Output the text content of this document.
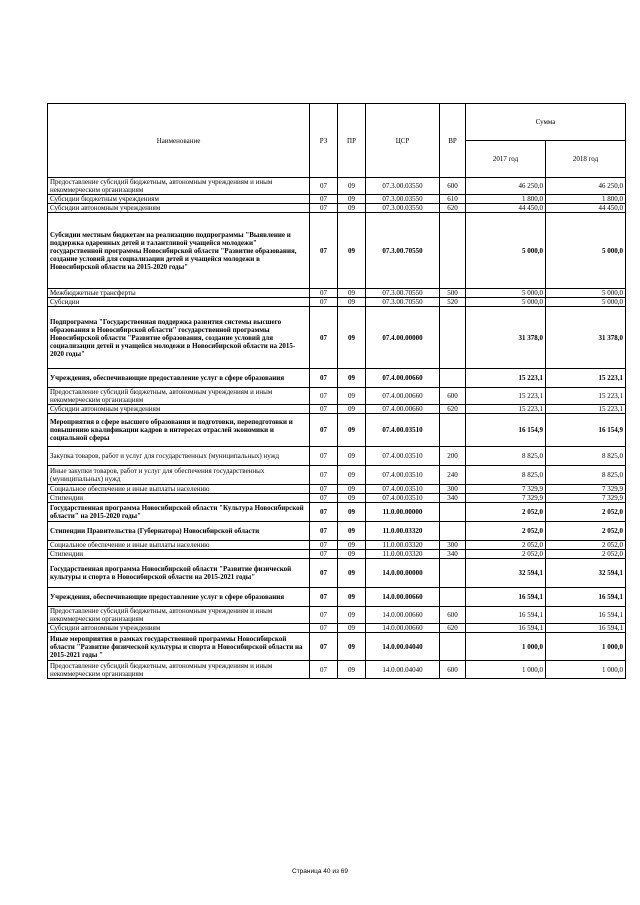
Наименование	РЗ	ПР	ЦСР	ВР	Сумма	
					2017 год	2018 год
Предоставление субсидий бюджетным, автономным учреждениям и иным некоммерческим организациям	07	09	07.3.00.03550	600	46 250,0	46 250,0
Субсидии бюджетным учреждениям	07	09	07.3.00.03550	610	1 800,0	1 800,0
Субсидии автономным учреждениям	07	09	07.3.00.03550	620	44 450,0	44 450,0
Субсидии местным бюджетам на реализацию подпрограммы "Выявление и поддержка одаренных детей и талантливой учащейся молодежи" государственной программы Новосибирской области "Развитие образования, создание условий для социализации детей и учащейся молодежи в Новосибирской области на 2015-2020 годы"	07	09	07.3.00.70550		5 000,0	5 000,0
Межбюджетные трансферты	07	09	07.3.00.70550	500	5 000,0	5 000,0
Субсидии	07	09	07.3.00.70550	520	5 000,0	5 000,0
Подпрограмма "Государственная поддержка развития системы высшего образования в Новосибирской области" государственной программы Новосибирской области "Развитие образования, создание условий для социализации детей и учащейся молодежи в Новосибирской области на 2015-2020 годы"	07	09	07.4.00.00000		31 378,0	31 378,0
Учреждения, обеспечивающие предоставление услуг в сфере образования	07	09	07.4.00.00660		15 223,1	15 223,1
Предоставление субсидий бюджетным, автономным учреждениям и иным некоммерческим организациям	07	09	07.4.00.00660	600	15 223,1	15 223,1
Субсидии автономным учреждениям	07	09	07.4.00.00660	620	15 223,1	15 223,1
Мероприятия в сфере высшего образования и подготовки, переподготовки и повышению квалификации кадров в интересах отраслей экономики и социальной сферы	07	09	07.4.00.03510		16 154,9	16 154,9
Закупка товаров, работ и услуг для государственных (муниципальных) нужд	07	09	07.4.00.03510	200	8 825,0	8 825,0
Иные закупки товаров, работ и услуг для обеспечения государственных (муниципальных) нужд	07	09	07.4.00.03510	240	8 825,0	8 825,0
Социальное обеспечение и иные выплаты населению	07	09	07.4.00.03510	300	7 329,9	7 329,9
Стипендии	07	09	07.4.00.03510	340	7 329,9	7 329,9
Государственная программа Новосибирской области "Культура Новосибирской области" на 2015-2020 годы"	07	09	11.0.00.00000		2 052,0	2 052,0
Стипендии Правительства (Губернатора) Новосибирской области	07	09	11.0.00.03320		2 052,0	2 052,0
Социальное обеспечение и иные выплаты населению	07	09	11.0.00.03320	300	2 052,0	2 052,0
Стипендии	07	09	11.0.00.03320	340	2 052,0	2 052,0
Государственная программа Новосибирской области "Развитие физической культуры и спорта в Новосибирской области на 2015-2021 годы"	07	09	14.0.00.00000		32 594,1	32 594,1
Учреждения, обеспечивающие предоставление услуг в сфере образования	07	09	14.0.00.00660		16 594,1	16 594,1
Предоставление субсидий бюджетным, автономным учреждениям и иным некоммерческим организациям	07	09	14.0.00.00660	600	16 594,1	16 594,1
Субсидии автономным учреждениям	07	09	14.0.00.00660	620	16 594,1	16 594,1
Иные мероприятия в рамках государственной программы Новосибирской области "Развитие физической культуры и спорта в Новосибирской области на 2015-2021 годы "	07	09	14.0.00.04040		1 000,0	1 000,0
Предоставление субсидий бюджетным, автономным учреждениям и иным некоммерческим организациям	07	09	14.0.00.04040	600	1 000,0	1 000,0
Страница 40 из 69
